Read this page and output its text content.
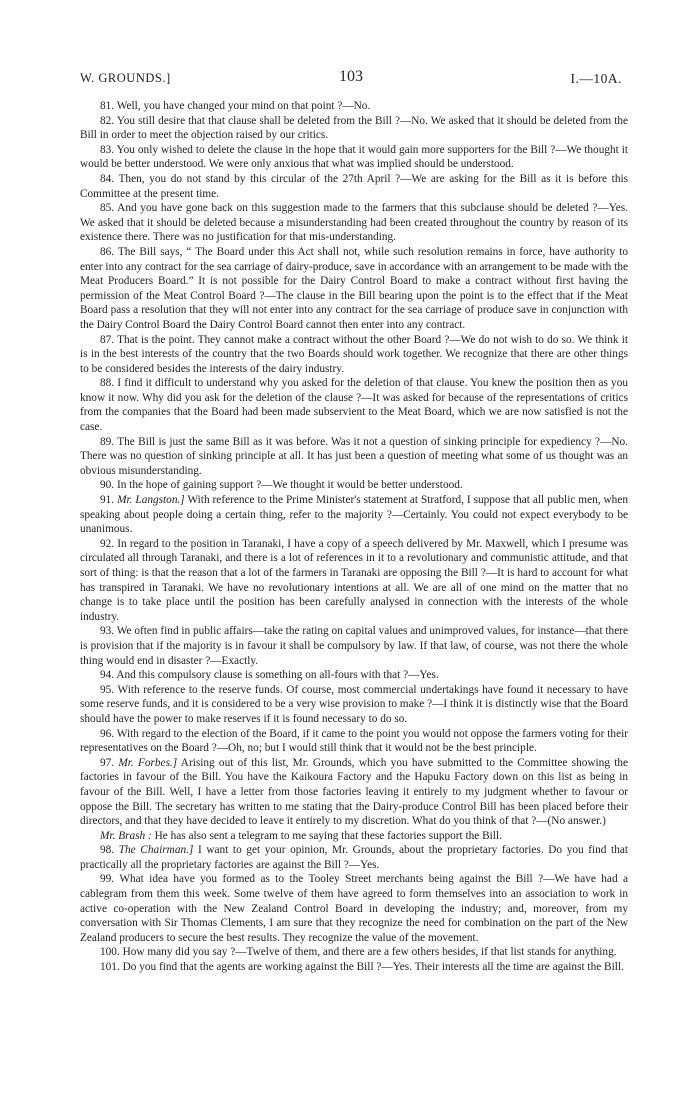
W. GROUNDS.]	103	I.—10A.

81. Well, you have changed your mind on that point ?—No.

82. You still desire that that clause shall be deleted from the Bill ?—No. We asked that it should be deleted from the Bill in order to meet the objection raised by our critics.

83. You only wished to delete the clause in the hope that it would gain more supporters for the Bill ?—We thought it would be better understood. We were only anxious that what was implied should be understood.

84. Then, you do not stand by this circular of the 27th April ?—We are asking for the Bill as it is before this Committee at the present time.

85. And you have gone back on this suggestion made to the farmers that this subclause should be deleted ?—Yes. We asked that it should be deleted because a misunderstanding had been created throughout the country by reason of its existence there. There was no justification for that mis-understanding.

86. The Bill says, “ The Board under this Act shall not, while such resolution remains in force, have authority to enter into any contract for the sea carriage of dairy-produce, save in accordance with an arrangement to be made with the Meat Producers Board.” It is not possible for the Dairy Control Board to make a contract without first having the permission of the Meat Control Board ?—The clause in the Bill bearing upon the point is to the effect that if the Meat Board pass a resolution that they will not enter into any contract for the sea carriage of produce save in conjunction with the Dairy Control Board the Dairy Control Board cannot then enter into any contract.

87. That is the point. They cannot make a contract without the other Board ?—We do not wish to do so. We think it is in the best interests of the country that the two Boards should work together. We recognize that there are other things to be considered besides the interests of the dairy industry.

88. I find it difficult to understand why you asked for the deletion of that clause. You knew the position then as you know it now. Why did you ask for the deletion of the clause ?—It was asked for because of the representations of critics from the companies that the Board had been made subservient to the Meat Board, which we are now satisfied is not the case.

89. The Bill is just the same Bill as it was before. Was it not a question of sinking principle for expediency ?—No. There was no question of sinking principle at all. It has just been a question of meeting what some of us thought was an obvious misunderstanding.

90. In the hope of gaining support ?—We thought it would be better understood.

91. Mr. Langston.] With reference to the Prime Minister's statement at Stratford, I suppose that all public men, when speaking about people doing a certain thing, refer to the majority ?—Certainly. You could not expect everybody to be unanimous.

92. In regard to the position in Taranaki, I have a copy of a speech delivered by Mr. Maxwell, which I presume was circulated all through Taranaki, and there is a lot of references in it to a revolutionary and communistic attitude, and that sort of thing: is that the reason that a lot of the farmers in Taranaki are opposing the Bill ?—It is hard to account for what has transpired in Taranaki. We have no revolutionary intentions at all. We are all of one mind on the matter that no change is to take place until the position has been carefully analysed in connection with the interests of the whole industry.

93. We often find in public affairs—take the rating on capital values and unimproved values, for instance—that there is provision that if the majority is in favour it shall be compulsory by law. If that law, of course, was not there the whole thing would end in disaster ?—Exactly.

94. And this compulsory clause is something on all-fours with that ?—Yes.

95. With reference to the reserve funds. Of course, most commercial undertakings have found it necessary to have some reserve funds, and it is considered to be a very wise provision to make ?—I think it is distinctly wise that the Board should have the power to make reserves if it is found necessary to do so.

96. With regard to the election of the Board, if it came to the point you would not oppose the farmers voting for their representatives on the Board ?—Oh, no; but I would still think that it would not be the best principle.

97. Mr. Forbes.] Arising out of this list, Mr. Grounds, which you have submitted to the Committee showing the factories in favour of the Bill. You have the Kaikoura Factory and the Hapuku Factory down on this list as being in favour of the Bill. Well, I have a letter from those factories leaving it entirely to my judgment whether to favour or oppose the Bill. The secretary has written to me stating that the Dairy-produce Control Bill has been placed before their directors, and that they have decided to leave it entirely to my discretion. What do you think of that ?—(No answer.)

Mr. Brash : He has also sent a telegram to me saying that these factories support the Bill.

98. The Chairman.] I want to get your opinion, Mr. Grounds, about the proprietary factories. Do you find that practically all the proprietary factories are against the Bill ?—Yes.

99. What idea have you formed as to the Tooley Street merchants being against the Bill ?—We have had a cablegram from them this week. Some twelve of them have agreed to form themselves into an association to work in active co-operation with the New Zealand Control Board in developing the industry; and, moreover, from my conversation with Sir Thomas Clements, I am sure that they recognize the need for combination on the part of the New Zealand producers to secure the best results. They recognize the value of the movement.

100. How many did you say ?—Twelve of them, and there are a few others besides, if that list stands for anything.

101. Do you find that the agents are working against the Bill ?—Yes. Their interests all the time are against the Bill.
